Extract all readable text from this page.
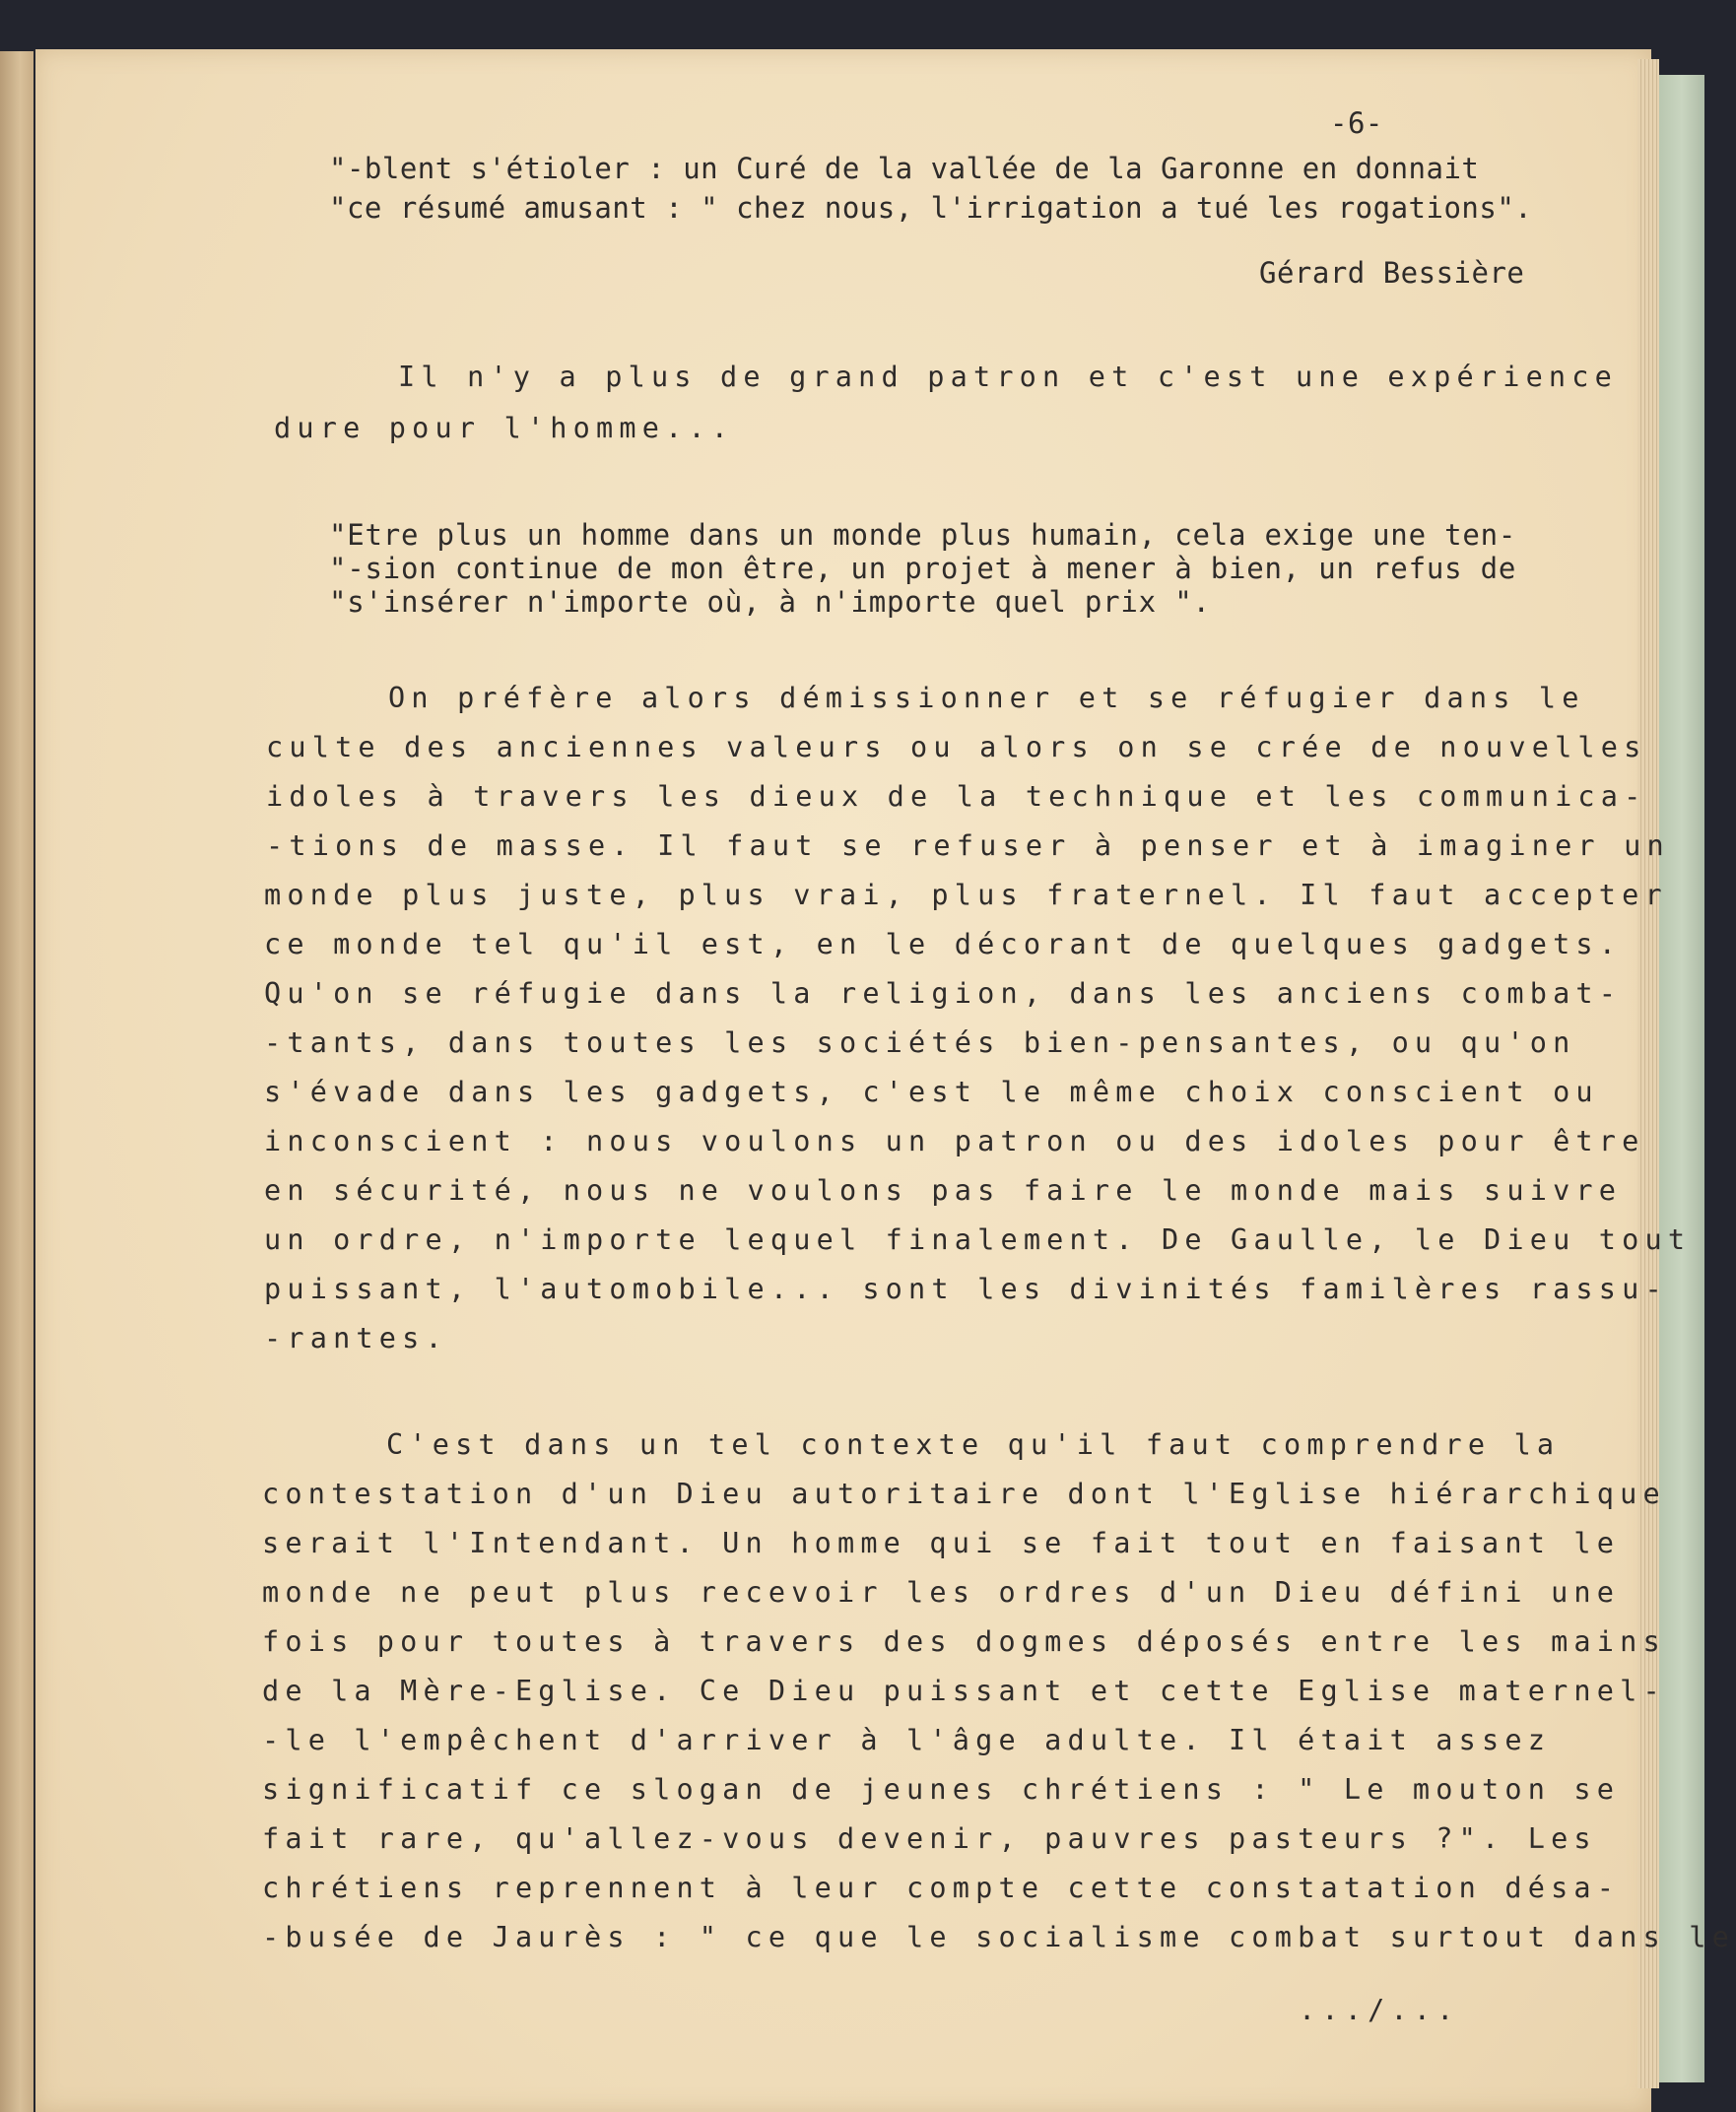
-6-

"-blent s'étioler : un Curé de la vallée de la Garonne en donnait

"ce résumé amusant : " chez nous, l'irrigation a tué les rogations".

Gérard Bessière

Il n'y a plus de grand patron et c'est une expérience

dure pour l'homme...

"Etre plus un homme dans un monde plus humain, cela exige une ten-

"-sion continue de mon être, un projet à mener à bien, un refus de

"s'insérer n'importe où, à n'importe quel prix ".

On préfère alors démissionner et se réfugier dans le

culte des anciennes valeurs ou alors on se crée de nouvelles

idoles à travers les dieux de la technique et les communica-

-tions de masse. Il faut se refuser à penser et à imaginer un

monde plus juste, plus vrai, plus fraternel. Il faut accepter

ce monde tel qu'il est, en le décorant de quelques gadgets.

Qu'on se réfugie dans la religion, dans les anciens combat-

-tants, dans toutes les sociétés bien-pensantes, ou qu'on

s'évade dans les gadgets, c'est le même choix conscient ou

inconscient : nous voulons un patron ou des idoles pour être

en sécurité, nous ne voulons pas faire le monde mais suivre

un ordre, n'importe lequel finalement. De Gaulle, le Dieu tout

puissant, l'automobile... sont les divinités familères rassu-

-rantes.

C'est dans un tel contexte qu'il faut comprendre la

contestation d'un Dieu autoritaire dont l'Eglise hiérarchique

serait l'Intendant. Un homme qui se fait tout en faisant le

monde ne peut plus recevoir les ordres d'un Dieu défini une

fois pour toutes à travers des dogmes déposés entre les mains

de la Mère-Eglise. Ce Dieu puissant et cette Eglise maternel-

-le l'empêchent d'arriver à l'âge adulte. Il était assez

significatif ce slogan de jeunes chrétiens : " Le mouton se

fait rare, qu'allez-vous devenir, pauvres pasteurs ?". Les

chrétiens reprennent à leur compte cette constatation désa-

-busée de Jaurès : " ce que le socialisme combat surtout dans le

.../...
